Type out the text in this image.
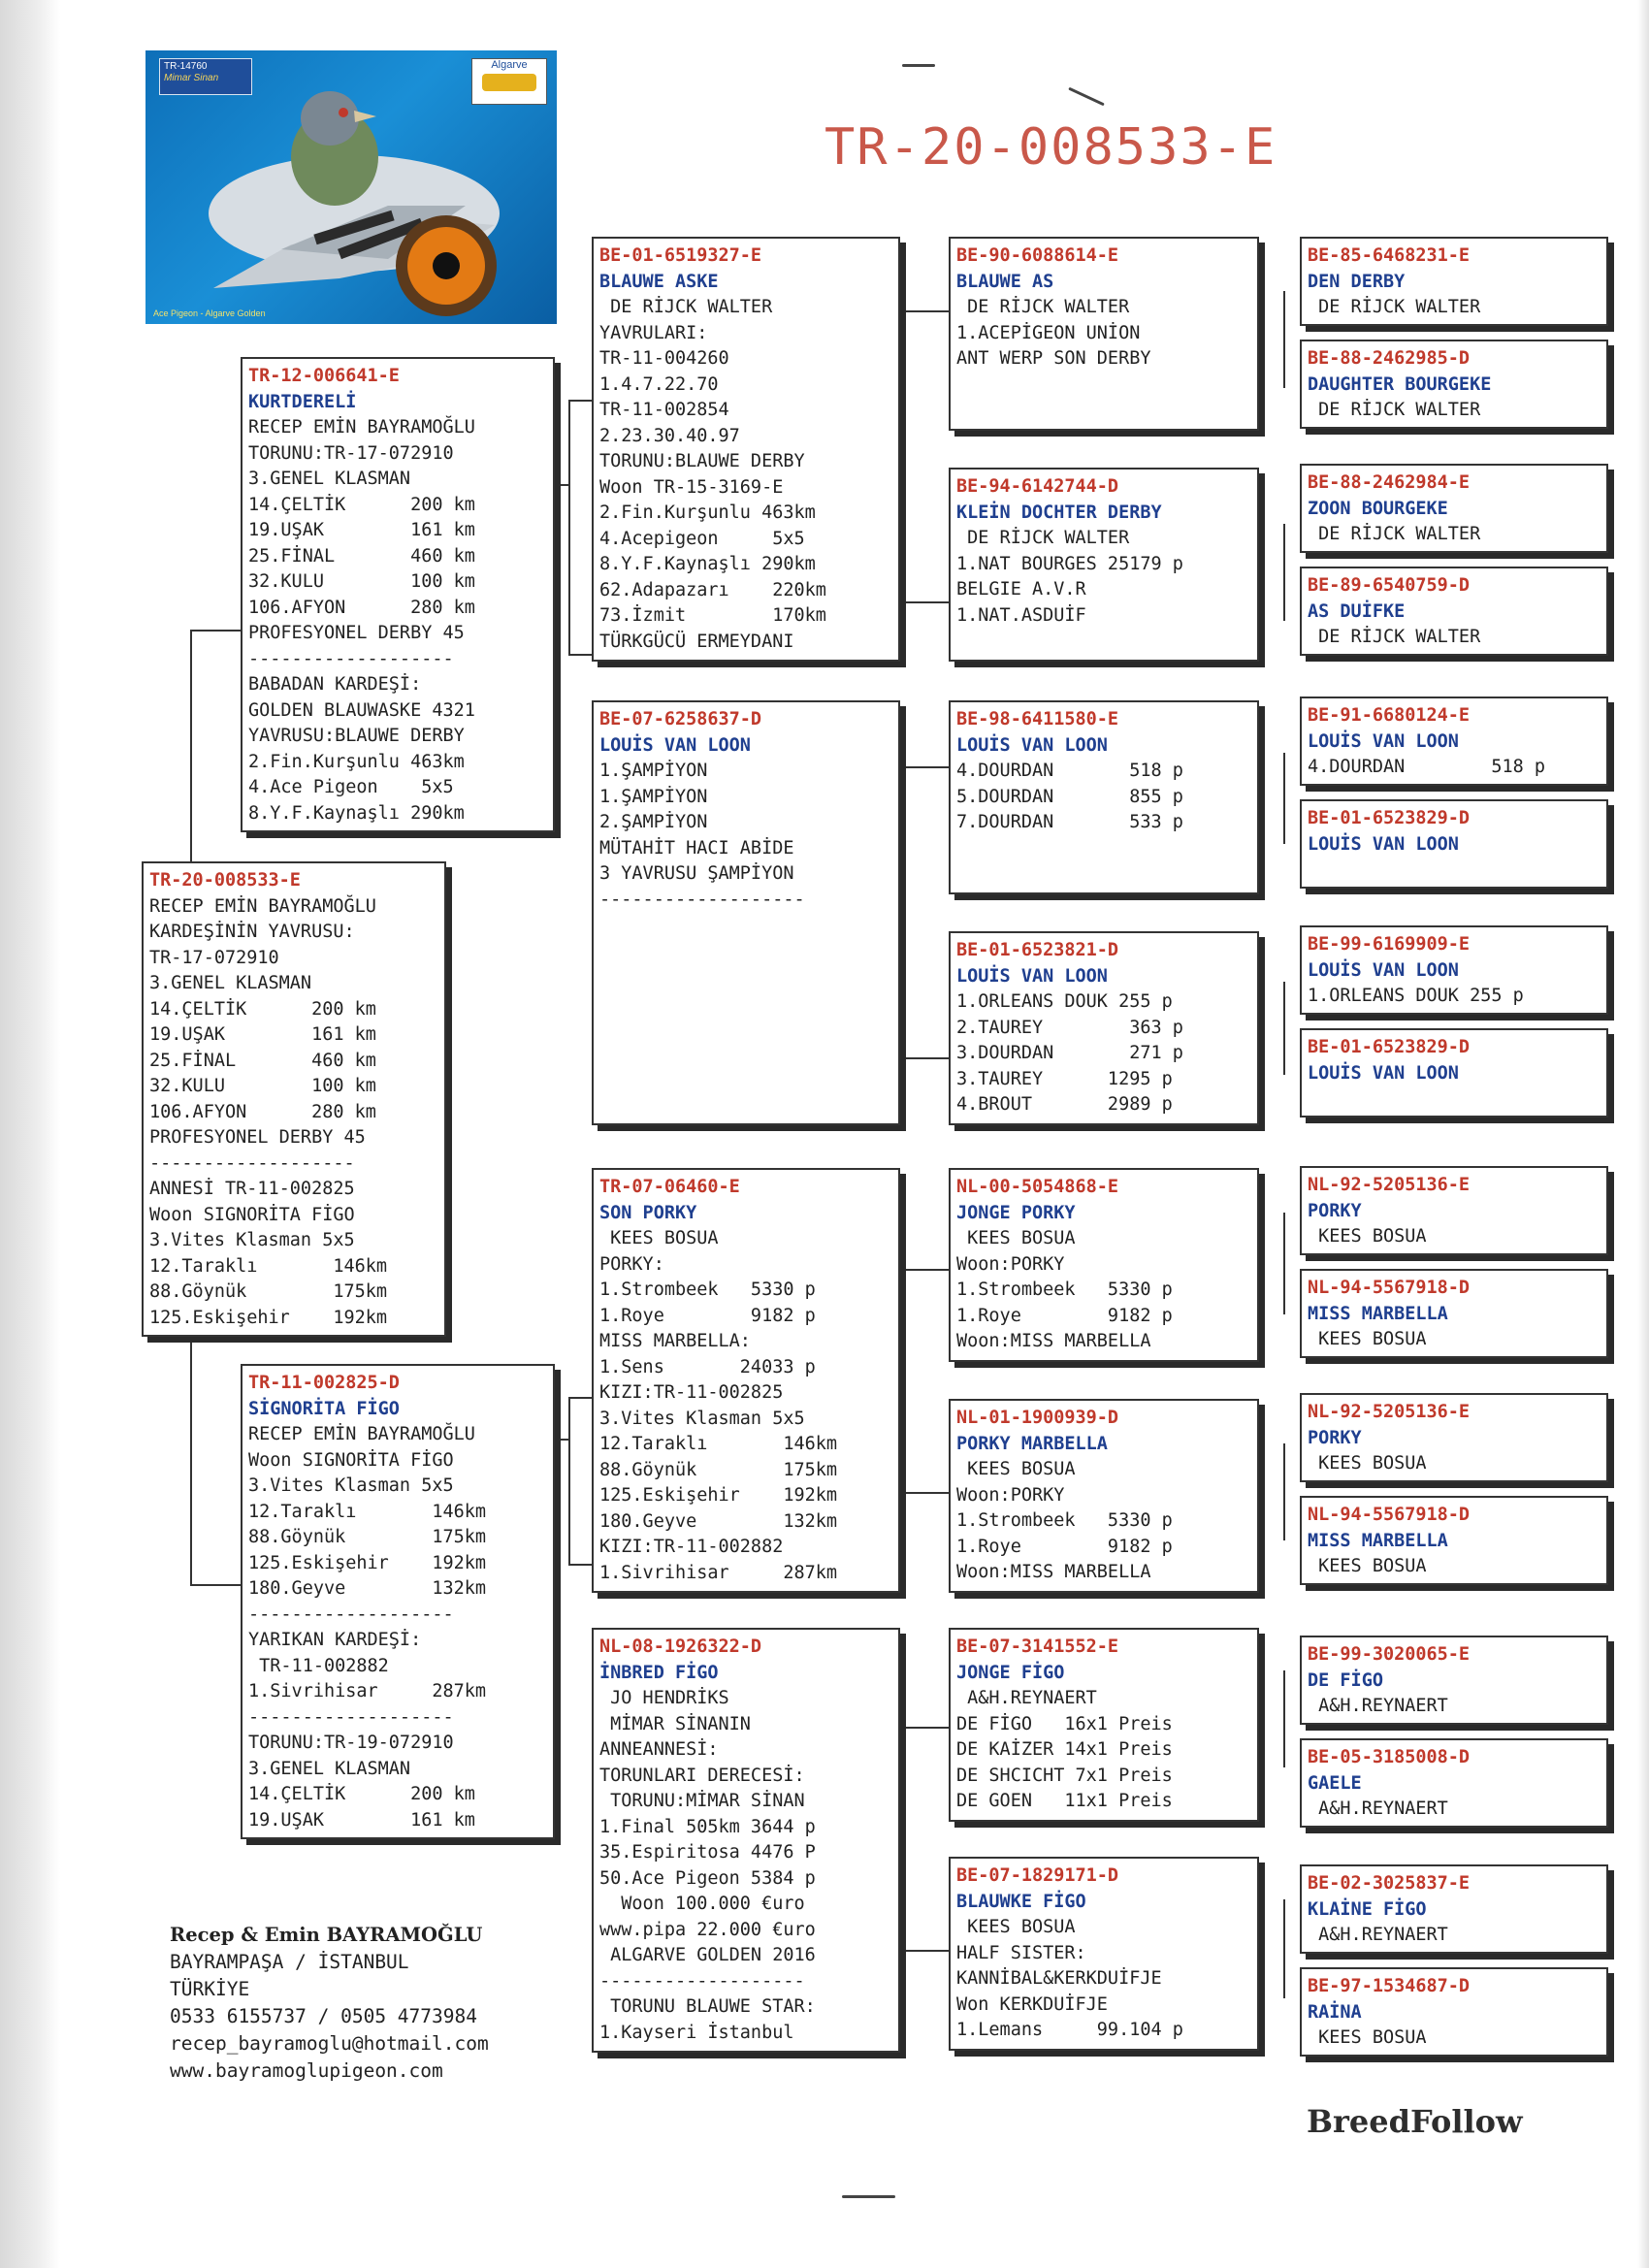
TR-20-008533-E
TR-14760
Mimar Sinan
Algarve
Ace Pigeon - Algarve Golden
TR-20-008533-E
RECEP EMİN BAYRAMOĞLU
KARDEŞİNİN YAVRUSU:
TR-17-072910
3.GENEL KLASMAN
14.ÇELTİK      200 km
19.UŞAK        161 km
25.FİNAL       460 km
32.KULU        100 km
106.AFYON      280 km
PROFESYONEL DERBY 45
-------------------
ANNESİ TR-11-002825
Woon SIGNORİTA FİGO
3.Vites Klasman 5x5
12.Taraklı       146km
88.Göynük        175km
125.Eskişehir    192km
TR-12-006641-E
KURTDERELİ
RECEP EMİN BAYRAMOĞLU
TORUNU:TR-17-072910
3.GENEL KLASMAN
14.ÇELTİK      200 km
19.UŞAK        161 km
25.FİNAL       460 km
32.KULU        100 km
106.AFYON      280 km
PROFESYONEL DERBY 45
-------------------
BABADAN KARDEŞİ:
GOLDEN BLAUWASKE 4321
YAVRUSU:BLAUWE DERBY
2.Fin.Kurşunlu 463km
4.Ace Pigeon    5x5
8.Y.F.Kaynaşlı 290km
TR-11-002825-D
SİGNORİTA FİGO
RECEP EMİN BAYRAMOĞLU
Woon SIGNORİTA FİGO
3.Vites Klasman 5x5
12.Taraklı       146km
88.Göynük        175km
125.Eskişehir    192km
180.Geyve        132km
-------------------
YARIKAN KARDEŞİ:
TR-11-002882
1.Sivrihisar     287km
-------------------
TORUNU:TR-19-072910
3.GENEL KLASMAN
14.ÇELTİK      200 km
19.UŞAK        161 km
BE-01-6519327-E
BLAUWE ASKE
DE RİJCK WALTER
YAVRULARI:
TR-11-004260
1.4.7.22.70
TR-11-002854
2.23.30.40.97
TORUNU:BLAUWE DERBY
Woon TR-15-3169-E
2.Fin.Kurşunlu 463km
4.Acepigeon     5x5
8.Y.F.Kaynaşlı 290km
62.Adapazarı    220km
73.İzmit        170km
TÜRKGÜCÜ ERMEYDANI
BE-07-6258637-D
LOUİS VAN LOON
1.ŞAMPİYON
1.ŞAMPİYON
2.ŞAMPİYON
MÜTAHİT HACI ABİDE
3 YAVRUSU ŞAMPİYON
-------------------
TR-07-06460-E
SON PORKY
KEES BOSUA
PORKY:
1.Strombeek   5330 p
1.Roye        9182 p
MISS MARBELLA:
1.Sens       24033 p
KIZI:TR-11-002825
3.Vites Klasman 5x5
12.Taraklı       146km
88.Göynük        175km
125.Eskişehir    192km
180.Geyve        132km
KIZI:TR-11-002882
1.Sivrihisar     287km
NL-08-1926322-D
İNBRED FİGO
JO HENDRİKS
MİMAR SİNANIN
ANNEANNESİ:
TORUNLARI DERECESİ:
TORUNU:MİMAR SİNAN
1.Final 505km 3644 p
35.Espiritosa 4476 P
50.Ace Pigeon 5384 p
Woon 100.000 €uro
www.pipa 22.000 €uro
ALGARVE GOLDEN 2016
-------------------
TORUNU BLAUWE STAR:
1.Kayseri İstanbul
BE-90-6088614-E
BLAUWE AS
DE RİJCK WALTER
1.ACEPİGEON UNİON
ANT WERP SON DERBY
BE-94-6142744-D
KLEİN DOCHTER DERBY
DE RİJCK WALTER
1.NAT BOURGES 25179 p
BELGIE A.V.R
1.NAT.ASDUİF
BE-98-6411580-E
LOUİS VAN LOON
4.DOURDAN       518 p
5.DOURDAN       855 p
7.DOURDAN       533 p
BE-01-6523821-D
LOUİS VAN LOON
1.ORLEANS DOUK 255 p
2.TAUREY        363 p
3.DOURDAN       271 p
3.TAUREY      1295 p
4.BROUT       2989 p
NL-00-5054868-E
JONGE PORKY
KEES BOSUA
Woon:PORKY
1.Strombeek   5330 p
1.Roye        9182 p
Woon:MISS MARBELLA
NL-01-1900939-D
PORKY MARBELLA
KEES BOSUA
Woon:PORKY
1.Strombeek   5330 p
1.Roye        9182 p
Woon:MISS MARBELLA
BE-07-3141552-E
JONGE FİGO
A&H.REYNAERT
DE FİGO   16x1 Preis
DE KAİZER 14x1 Preis
DE SHCICHT 7x1 Preis
DE GOEN   11x1 Preis
BE-07-1829171-D
BLAUWKE FİGO
KEES BOSUA
HALF SISTER:
KANNİBAL&KERKDUİFJE
Won KERKDUİFJE
1.Lemans     99.104 p
BE-85-6468231-E
DEN DERBY
DE RİJCK WALTER
BE-88-2462985-D
DAUGHTER BOURGEKE
DE RİJCK WALTER
BE-88-2462984-E
ZOON BOURGEKE
DE RİJCK WALTER
BE-89-6540759-D
AS DUİFKE
DE RİJCK WALTER
BE-91-6680124-E
LOUİS VAN LOON
4.DOURDAN        518 p
BE-01-6523829-D
LOUİS VAN LOON
BE-99-6169909-E
LOUİS VAN LOON
1.ORLEANS DOUK 255 p
BE-01-6523829-D
LOUİS VAN LOON
NL-92-5205136-E
PORKY
KEES BOSUA
NL-94-5567918-D
MISS MARBELLA
KEES BOSUA
NL-92-5205136-E
PORKY
KEES BOSUA
NL-94-5567918-D
MISS MARBELLA
KEES BOSUA
BE-99-3020065-E
DE FİGO
A&H.REYNAERT
BE-05-3185008-D
GAELE
A&H.REYNAERT
BE-02-3025837-E
KLAİNE FİGO
A&H.REYNAERT
BE-97-1534687-D
RAİNA
KEES BOSUA
Recep & Emin BAYRAMOĞLU
BAYRAMPAŞA / İSTANBUL
TÜRKİYE
0533 6155737 / 0505 4773984
recep_bayramoglu@hotmail.com
www.bayramoglupigeon.com
BreedFollow
